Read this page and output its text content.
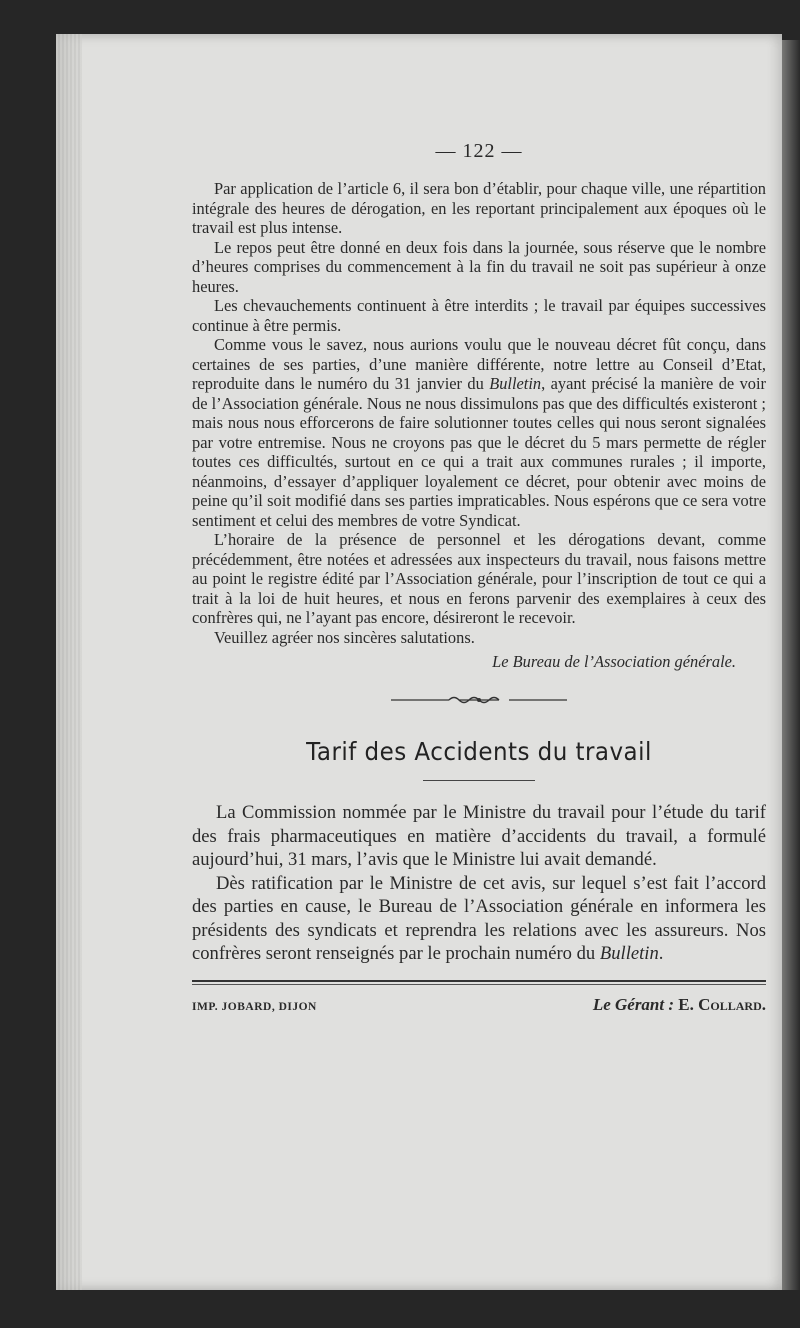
— 122 —

Par application de l’article 6, il sera bon d’établir, pour chaque ville, une répartition intégrale des heures de dérogation, en les reportant principalement aux époques où le travail est plus intense.

Le repos peut être donné en deux fois dans la journée, sous réserve que le nombre d’heures comprises du commencement à la fin du travail ne soit pas supérieur à onze heures.

Les chevauchements continuent à être interdits ; le travail par équipes successives continue à être permis.

Comme vous le savez, nous aurions voulu que le nouveau décret fût conçu, dans certaines de ses parties, d’une manière différente, notre lettre au Conseil d’Etat, reproduite dans le numéro du 31 janvier du Bulletin, ayant précisé la manière de voir de l’Association générale. Nous ne nous dissimulons pas que des difficultés existeront ; mais nous nous efforcerons de faire solutionner toutes celles qui nous seront signalées par votre entremise. Nous ne croyons pas que le décret du 5 mars permette de régler toutes ces difficultés, surtout en ce qui a trait aux communes rurales ; il importe, néanmoins, d’essayer d’appliquer loyalement ce décret, pour obtenir avec moins de peine qu’il soit modifié dans ses parties impraticables. Nous espérons que ce sera votre sentiment et celui des membres de votre Syndicat.

L’horaire de la présence de personnel et les dérogations devant, comme précédemment, être notées et adressées aux inspecteurs du travail, nous faisons mettre au point le registre édité par l’Association générale, pour l’inscription de tout ce qui a trait à la loi de huit heures, et nous en ferons parvenir des exemplaires à ceux des confrères qui, ne l’ayant pas encore, désireront le recevoir.

Veuillez agréer nos sincères salutations.

Le Bureau de l’Association générale.
Tarif des Accidents du travail

La Commission nommée par le Ministre du travail pour l’étude du tarif des frais pharmaceutiques en matière d’accidents du travail, a formulé aujourd’hui, 31 mars, l’avis que le Ministre lui avait demandé.

Dès ratification par le Ministre de cet avis, sur lequel s’est fait l’accord des parties en cause, le Bureau de l’Association générale en informera les présidents des syndicats et reprendra les relations avec les assureurs. Nos confrères seront renseignés par le prochain numéro du Bulletin.

IMP. JOBARD, DIJON	Le Gérant : E. Collard.
